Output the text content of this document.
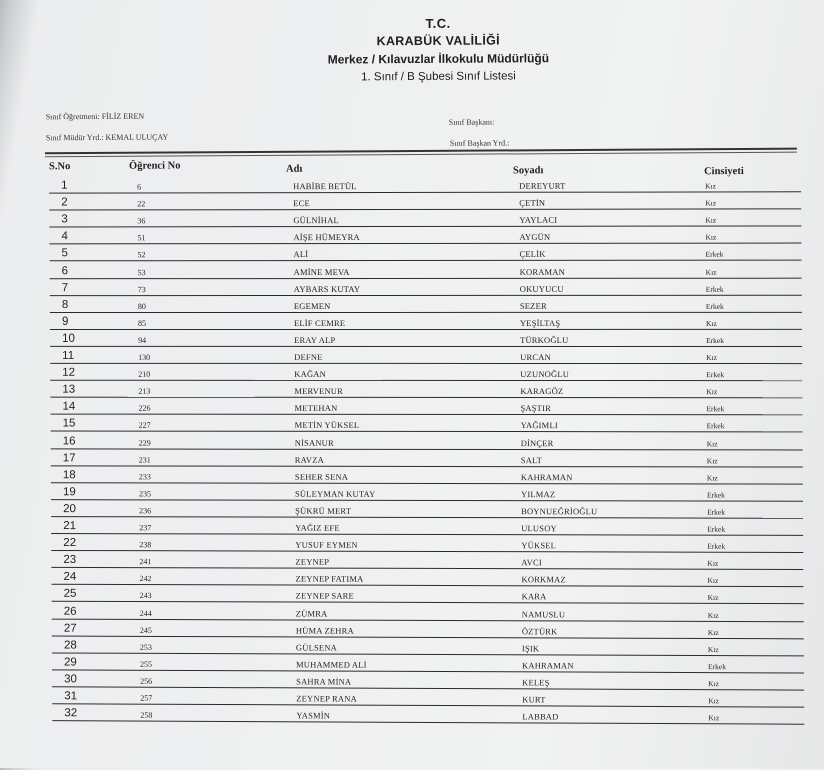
T.C.
KARABÜK VALİLİĞİ
Merkez / Kılavuzlar İlkokulu Müdürlüğü
1. Sınıf / B Şubesi Sınıf Listesi
Sınıf Öğretmeni: FİLİZ EREN
Sınıf Müdür Yrd.: KEMAL ULUÇAY
Sınıf Başkanı:
Sınıf Başkan Yrd.:
S.No	Öğrenci No	Adı	Soyadı	Cinsiyeti
1	6	HABİBE BETÜL	DEREYURT	Kız
2	22	ECE	ÇETİN	Kız
3	36	GÜLNİHAL	YAYLACI	Kız
4	51	AİŞE HÜMEYRA	AYGÜN	Kız
5	52	ALİ	ÇELİK	Erkek
6	53	AMİNE MEVA	KORAMAN	Kız
7	73	AYBARS KUTAY	OKUYUCU	Erkek
8	80	EGEMEN	SEZER	Erkek
9	85	ELİF CEMRE	YEŞİLTAŞ	Kız
10	94	ERAY ALP	TÜRKOĞLU	Erkek
11	130	DEFNE	URCAN	Kız
12	210	KAĞAN	UZUNOĞLU	Erkek
13	213	MERVENUR	KARAGÖZ	Kız
14	226	METEHAN	ŞAŞTIR	Erkek
15	227	METİN YÜKSEL	YAĞIMLI	Erkek
16	229	NİSANUR	DİNÇER	Kız
17	231	RAVZA	SALT	Kız
18	233	SEHER SENA	KAHRAMAN	Kız
19	235	SÜLEYMAN KUTAY	YILMAZ	Erkek
20	236	ŞÜKRÜ MERT	BOYNUEĞRİOĞLU	Erkek
21	237	YAĞIZ EFE	ULUSOY	Erkek
22	238	YUSUF EYMEN	YÜKSEL	Erkek
23	241	ZEYNEP	AVCI	Kız
24	242	ZEYNEP FATIMA	KORKMAZ	Kız
25	243	ZEYNEP SARE	KARA	Kız
26	244	ZÜMRA	NAMUSLU	Kız
27	245	HÜMA ZEHRA	ÖZTÜRK	Kız
28	253	GÜLSENA	IŞIK	Kız
29	255	MUHAMMED ALİ	KAHRAMAN	Erkek
30	256	SAHRA MİNA	KELEŞ	Kız
31	257	ZEYNEP RANA	KURT	Kız
32	258	YASMİN	LABBAD	Kız
